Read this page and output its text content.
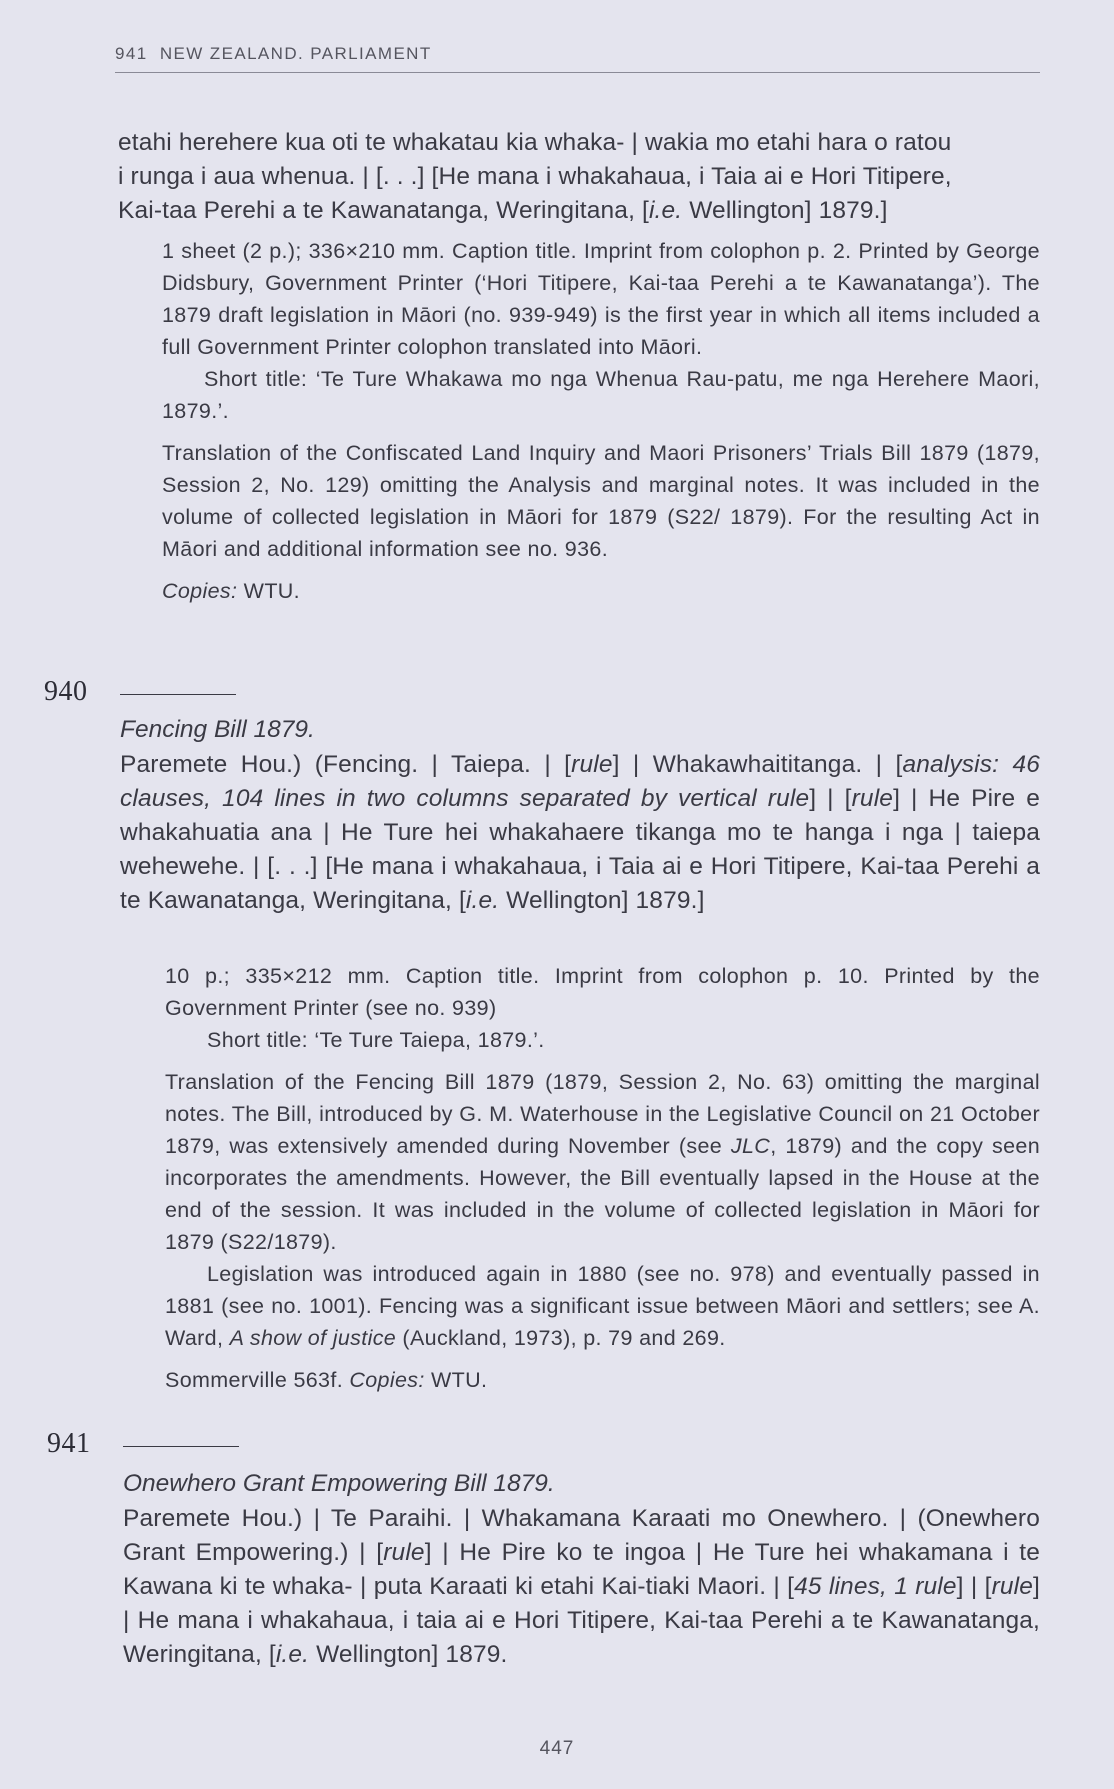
941 NEW ZEALAND. PARLIAMENT
etahi herehere kua oti te whakatau kia whaka- | wakia mo etahi hara o ratou
i runga i aua whenua. | [. . .] [He mana i whakahaua, i Taia ai e Hori Titipere,
Kai-taa Perehi a te Kawanatanga, Weringitana, [i.e. Wellington] 1879.]

1 sheet (2 p.); 336×210 mm. Caption title. Imprint from colophon p. 2. Printed by George Didsbury, Government Printer (‘Hori Titipere, Kai-taa Perehi a te Kawanatanga’). The 1879 draft legislation in Māori (no. 939-949) is the first year in which all items included a full Government Printer colophon translated into Māori.

Short title: ‘Te Ture Whakawa mo nga Whenua Rau-patu, me nga Herehere Maori, 1879.’.

Translation of the Confiscated Land Inquiry and Maori Prisoners’ Trials Bill 1879 (1879, Session 2, No. 129) omitting the Analysis and marginal notes. It was included in the volume of collected legislation in Māori for 1879 (S22/ 1879). For the resulting Act in Māori and additional information see no. 936.

Copies: WTU.

940
Fencing Bill 1879.

Paremete Hou.) (Fencing. | Taiepa. | [rule] | Whakawhaititanga. | [analysis: 46 clauses, 104 lines in two columns separated by vertical rule] | [rule] | He Pire e whakahuatia ana | He Ture hei whakahaere tikanga mo te hanga i nga | taiepa wehewehe. | [. . .] [He mana i whakahaua, i Taia ai e Hori Titipere, Kai-taa Perehi a te Kawanatanga, Weringitana, [i.e. Wellington] 1879.]

10 p.; 335×212 mm. Caption title. Imprint from colophon p. 10. Printed by the Government Printer (see no. 939)

Short title: ‘Te Ture Taiepa, 1879.’.

Translation of the Fencing Bill 1879 (1879, Session 2, No. 63) omitting the marginal notes. The Bill, introduced by G. M. Waterhouse in the Legislative Council on 21 October 1879, was extensively amended during November (see JLC, 1879) and the copy seen incorporates the amendments. However, the Bill eventually lapsed in the House at the end of the session. It was included in the volume of collected legislation in Māori for 1879 (S22/1879).

Legislation was introduced again in 1880 (see no. 978) and eventually passed in 1881 (see no. 1001). Fencing was a significant issue between Māori and settlers; see A. Ward, A show of justice (Auckland, 1973), p. 79 and 269.

Sommerville 563f. Copies: WTU.

941
Onewhero Grant Empowering Bill 1879.

Paremete Hou.) | Te Paraihi. | Whakamana Karaati mo Onewhero. | (Onewhero Grant Empowering.) | [rule] | He Pire ko te ingoa | He Ture hei whakamana i te Kawana ki te whaka- | puta Karaati ki etahi Kai-tiaki Maori. | [45 lines, 1 rule] | [rule] | He mana i whakahaua, i taia ai e Hori Titipere, Kai-taa Perehi a te Kawanatanga, Weringitana, [i.e. Wellington] 1879.

447
